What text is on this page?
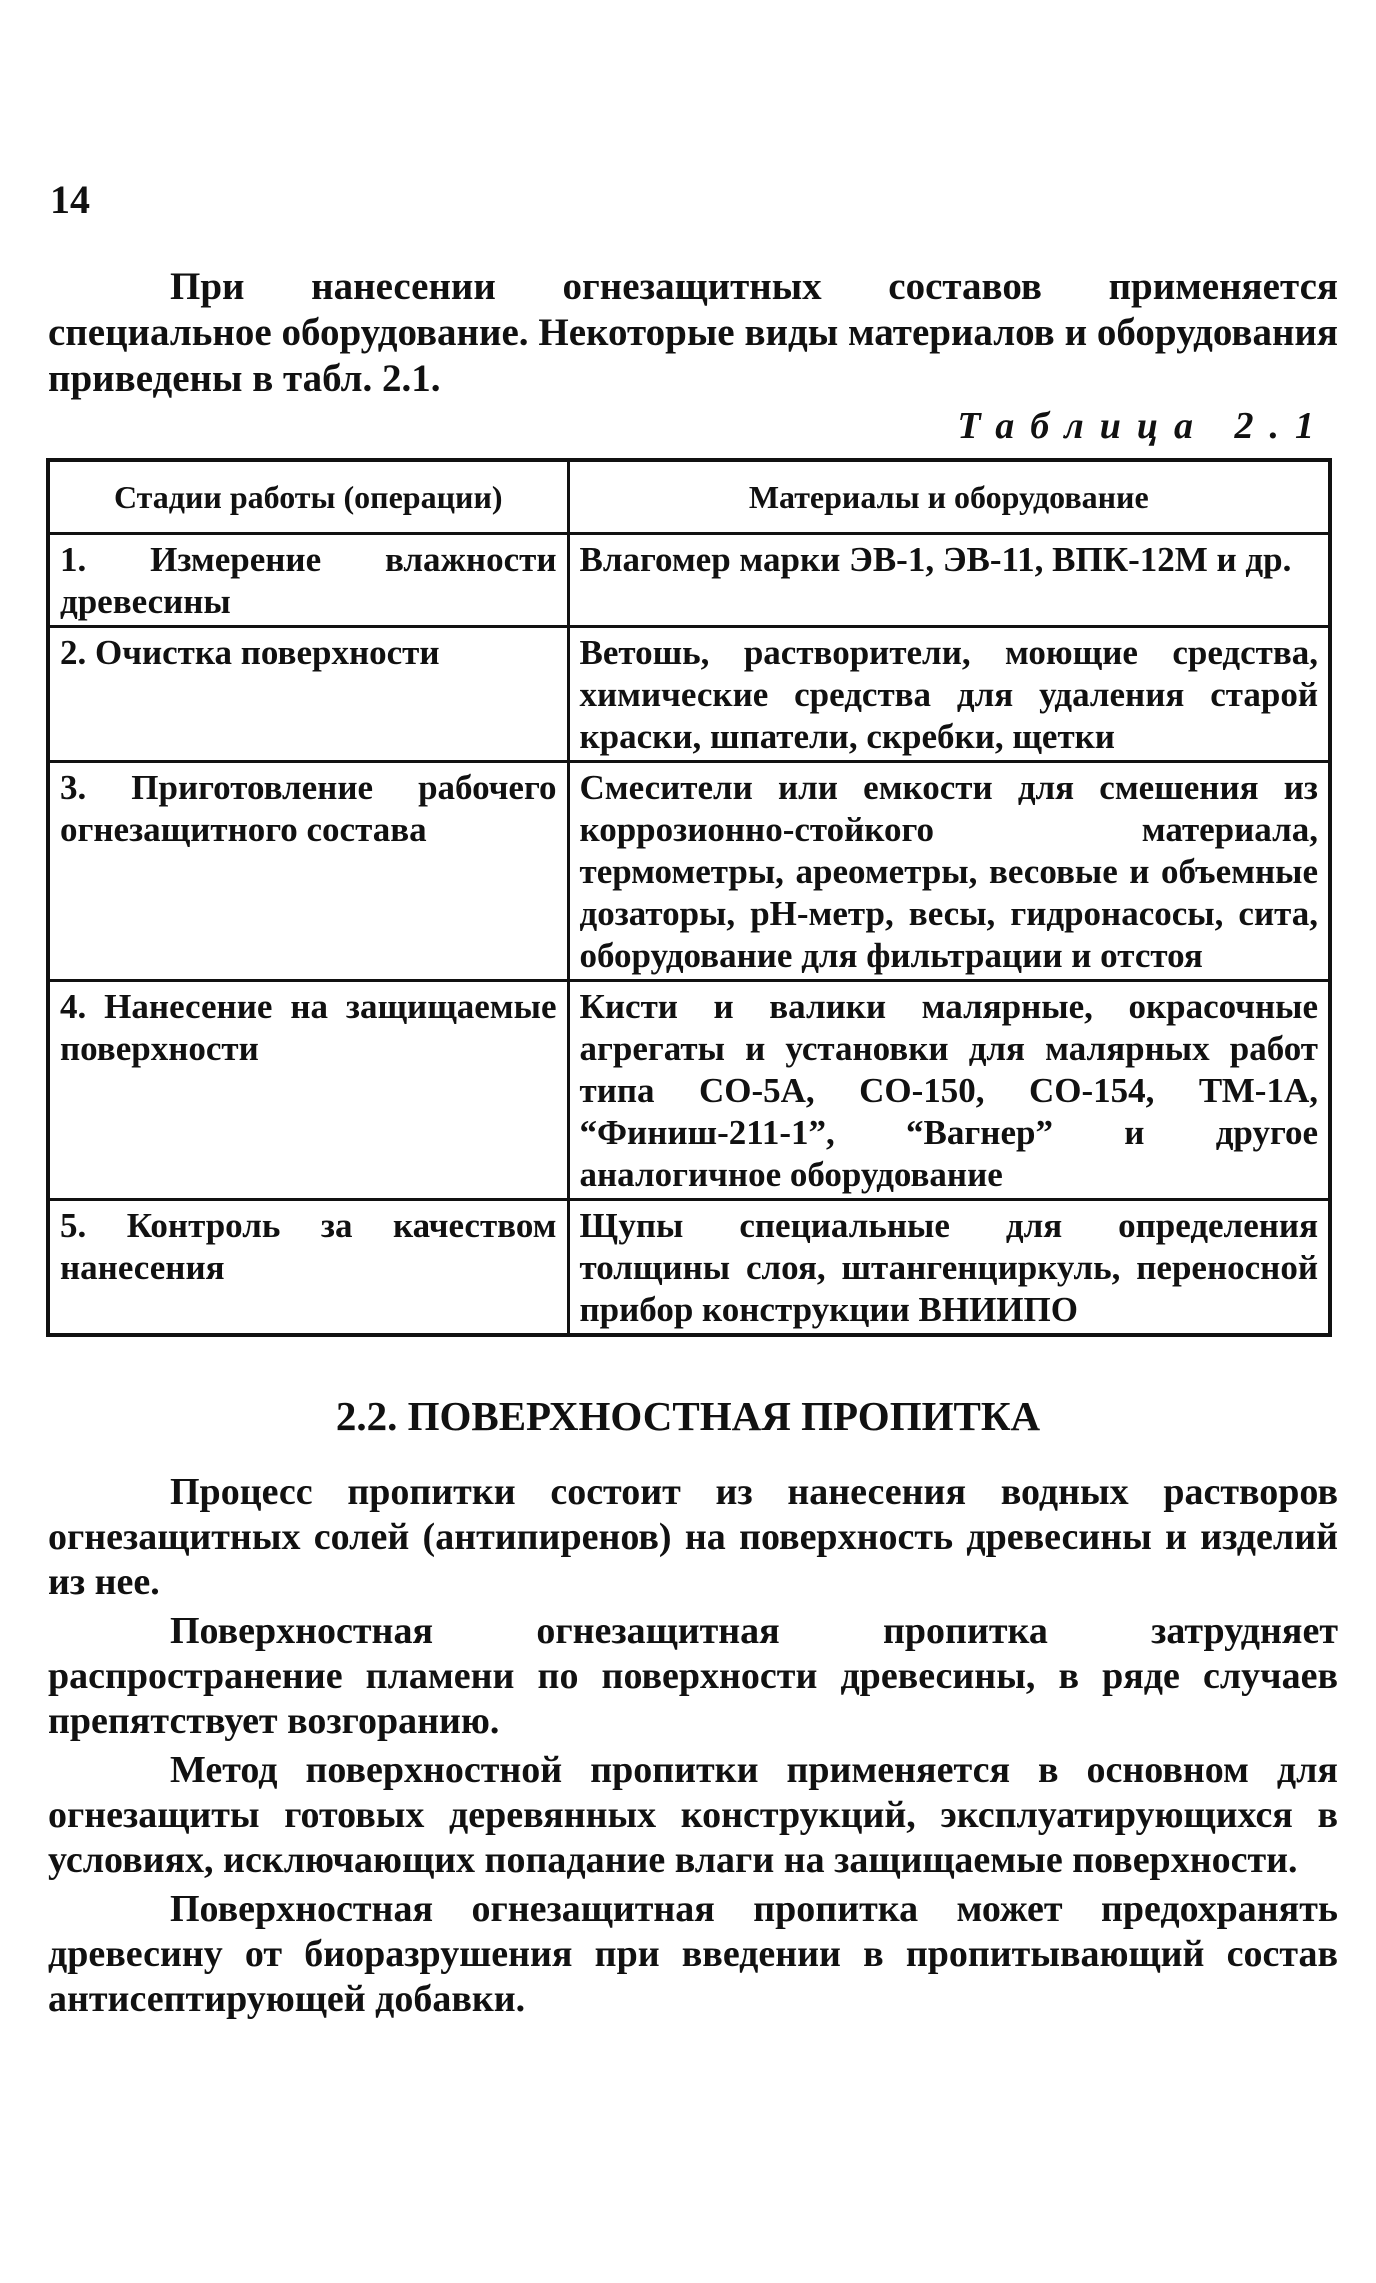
14

При нанесении огнезащитных составов применяется специальное оборудование. Некоторые виды материалов и оборудования приведены в табл. 2.1.

Таблица 2.1
Стадии работы (операции)	Материалы и оборудование
1. Измерение влажности древесины	Влагомер марки ЭВ-1, ЭВ-11, ВПК-12М и др.
2. Очистка поверхности	Ветошь, растворители, моющие средства, химические средства для удаления старой краски, шпатели, скребки, щетки
3. Приготовление рабочего огнезащитного состава	Смесители или емкости для смешения из коррозионно-стойкого материала, термометры, ареометры, весовые и объемные дозаторы, рН-метр, весы, гидронасосы, сита, оборудование для фильтрации и отстоя
4. Нанесение на защищаемые поверхности	Кисти и валики малярные, окрасочные агрегаты и установки для малярных работ типа СО-5А, СО-150, СО-154, ТМ-1А, “Финиш-211-1”, “Вагнер” и другое аналогичное оборудование
5. Контроль за качеством нанесения	Щупы специальные для определения толщины слоя, штангенциркуль, переносной прибор конструкции ВНИИПО
2.2. ПОВЕРХНОСТНАЯ ПРОПИТКА

Процесс пропитки состоит из нанесения водных растворов огнезащитных солей (антипиренов) на поверхность древесины и изделий из нее.

Поверхностная огнезащитная пропитка затрудняет распространение пламени по поверхности древесины, в ряде случаев препятствует возгоранию.

Метод поверхностной пропитки применяется в основном для огнезащиты готовых деревянных конструкций, эксплуатирующихся в условиях, исключающих попадание влаги на защищаемые поверхности.

Поверхностная огнезащитная пропитка может предохранять древесину от биоразрушения при введении в пропитывающий состав антисептирующей добавки.
